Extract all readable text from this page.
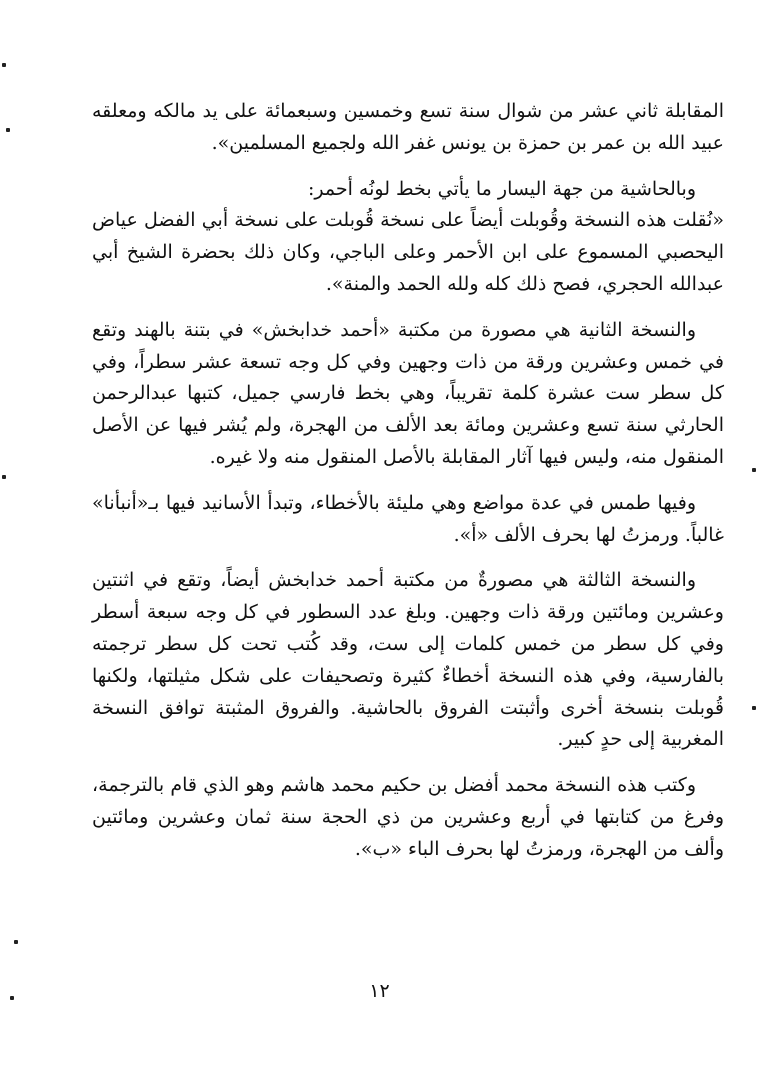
المقابلة ثاني عشر من شوال سنة تسع وخمسين وسبعمائة على يد مالكه ومعلقه عبيد الله بن عمر بن حمزة بن يونس غفر الله ولجميع المسلمين».

وبالحاشية من جهة اليسار ما يأتي بخط لونُه أحمر:

«نُقلت هذه النسخة وقُوبلت أيضاً على نسخة قُوبلت على نسخة أبي الفضل عياض اليحصبي المسموع على ابن الأحمر وعلى الباجي، وكان ذلك بحضرة الشيخ أبي عبدالله الحجري، فصح ذلك كله ولله الحمد والمنة».

والنسخة الثانية هي مصورة من مكتبة «أحمد خدابخش» في بتنة بالهند وتقع في خمس وعشرين ورقة من ذات وجهين وفي كل وجه تسعة عشر سطراً، وفي كل سطر ست عشرة كلمة تقريباً، وهي بخط فارسي جميل، كتبها عبدالرحمن الحارثي سنة تسع وعشرين ومائة بعد الألف من الهجرة، ولم يُشر فيها عن الأصل المنقول منه، وليس فيها آثار المقابلة بالأصل المنقول منه ولا غيره.

وفيها طمس في عدة مواضع وهي مليئة بالأخطاء، وتبدأ الأسانيد فيها بـ«أنبأنا» غالباً. ورمزتُ لها بحرف الألف «أ».

والنسخة الثالثة هي مصورةٌ من مكتبة أحمد خدابخش أيضاً، وتقع في اثنتين وعشرين ومائتين ورقة ذات وجهين. وبلغ عدد السطور في كل وجه سبعة أسطر وفي كل سطر من خمس كلمات إلى ست، وقد كُتب تحت كل سطر ترجمته بالفارسية، وفي هذه النسخة أخطاءٌ كثيرة وتصحيفات على شكل مثيلتها، ولكنها قُوبلت بنسخة أخرى وأثبتت الفروق بالحاشية. والفروق المثبتة توافق النسخة المغربية إلى حدٍ كبير.

وكتب هذه النسخة محمد أفضل بن حكيم محمد هاشم وهو الذي قام بالترجمة، وفرغ من كتابتها في أربع وعشرين من ذي الحجة سنة ثمان وعشرين ومائتين وألف من الهجرة، ورمزتُ لها بحرف الباء «ب».

١٢
